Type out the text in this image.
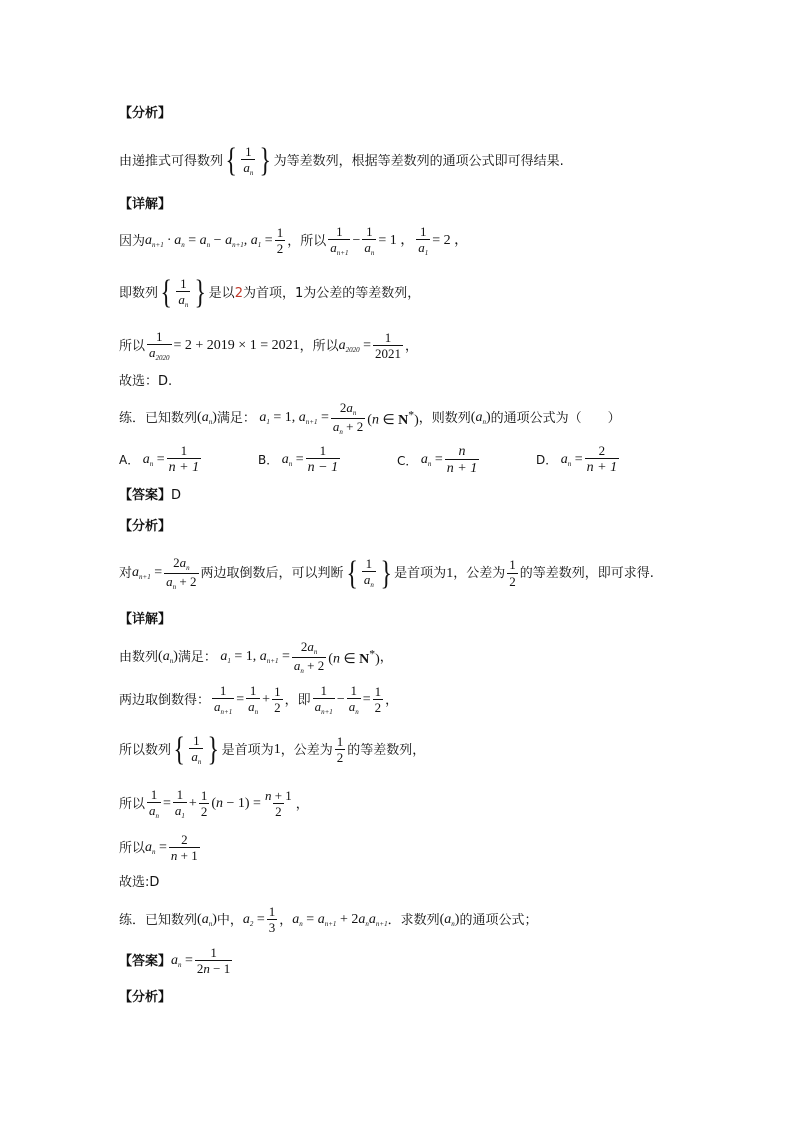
【分析】
由递推式可得数列 { $\frac{1}{a_n}$ } 为等差数列，根据等差数列的通项公式即可得结果.
【详解】
因为 $a_{n+1} \cdot a_n = a_n - a_{n+1}$, $a_1 = \frac{1}{2}$ ，所以 $\frac{1}{a_{n+1}} - \frac{1}{a_n} = 1$ ， $\frac{1}{a_1} = 2$ ，
即数列 { $\frac{1}{a_n}$ } 是以 2 为首项， 1 为公差的等差数列，
所以 $\frac{1}{a_{2020}} = 2 + 2019 \times 1 = 2021$ ，所以 $a_{2020} = \frac{1}{2021}$ ，
故选：D.
练．已知数列 $(a_n)$ 满足： $a_1 = 1$, $a_{n+1} = \frac{2a_n}{a_n + 2} (n$ ∈ N*) ，则数列 $(a_n)$ 的通项公式为（　　）
A． $a_n = \frac{1}{n + 1}$	B． $a_n = \frac{1}{n - 1}$	C． $a_n = \frac{n}{n + 1}$	D． $a_n = \frac{2}{n + 1}$
【答案】D
【分析】
对 $a_{n+1} = \frac{2a_n}{a_n + 2}$ 两边取倒数后，可以判断 { $\frac{1}{a_n}$ } 是首项为 1 ，公差为 $\frac{1}{2}$ 的等差数列，即可求得.
【详解】
由数列 $(a_n)$ 满足： $a_1 = 1$, $a_{n+1} = \frac{2a_n}{a_n + 2} (n$ ∈ N*) ，
两边取倒数得： $\frac{1}{a_{n+1}} = \frac{1}{a_n} + \frac{1}{2}$ ，即 $\frac{1}{a_{n+1}} - \frac{1}{a_n} = \frac{1}{2}$ ，
所以数列 { $\frac{1}{a_n}$ } 是首项为 1 ，公差为 $\frac{1}{2}$ 的等差数列，
所以 $\frac{1}{a_n} = \frac{1}{a_1} + \frac{1}{2} (n - 1) = \frac{n + 1}{2}$ ，
所以 $a_n = \frac{2}{n + 1}$
故选:D
练．已知数列 $(a_n)$ 中， $a_2 = \frac{1}{3}$ ， $a_n = a_{n+1} + 2a_na_{n+1}$ ．求数列 $(a_n)$ 的通项公式；
【答案】 $a_n = \frac{1}{2n - 1}$
【分析】
